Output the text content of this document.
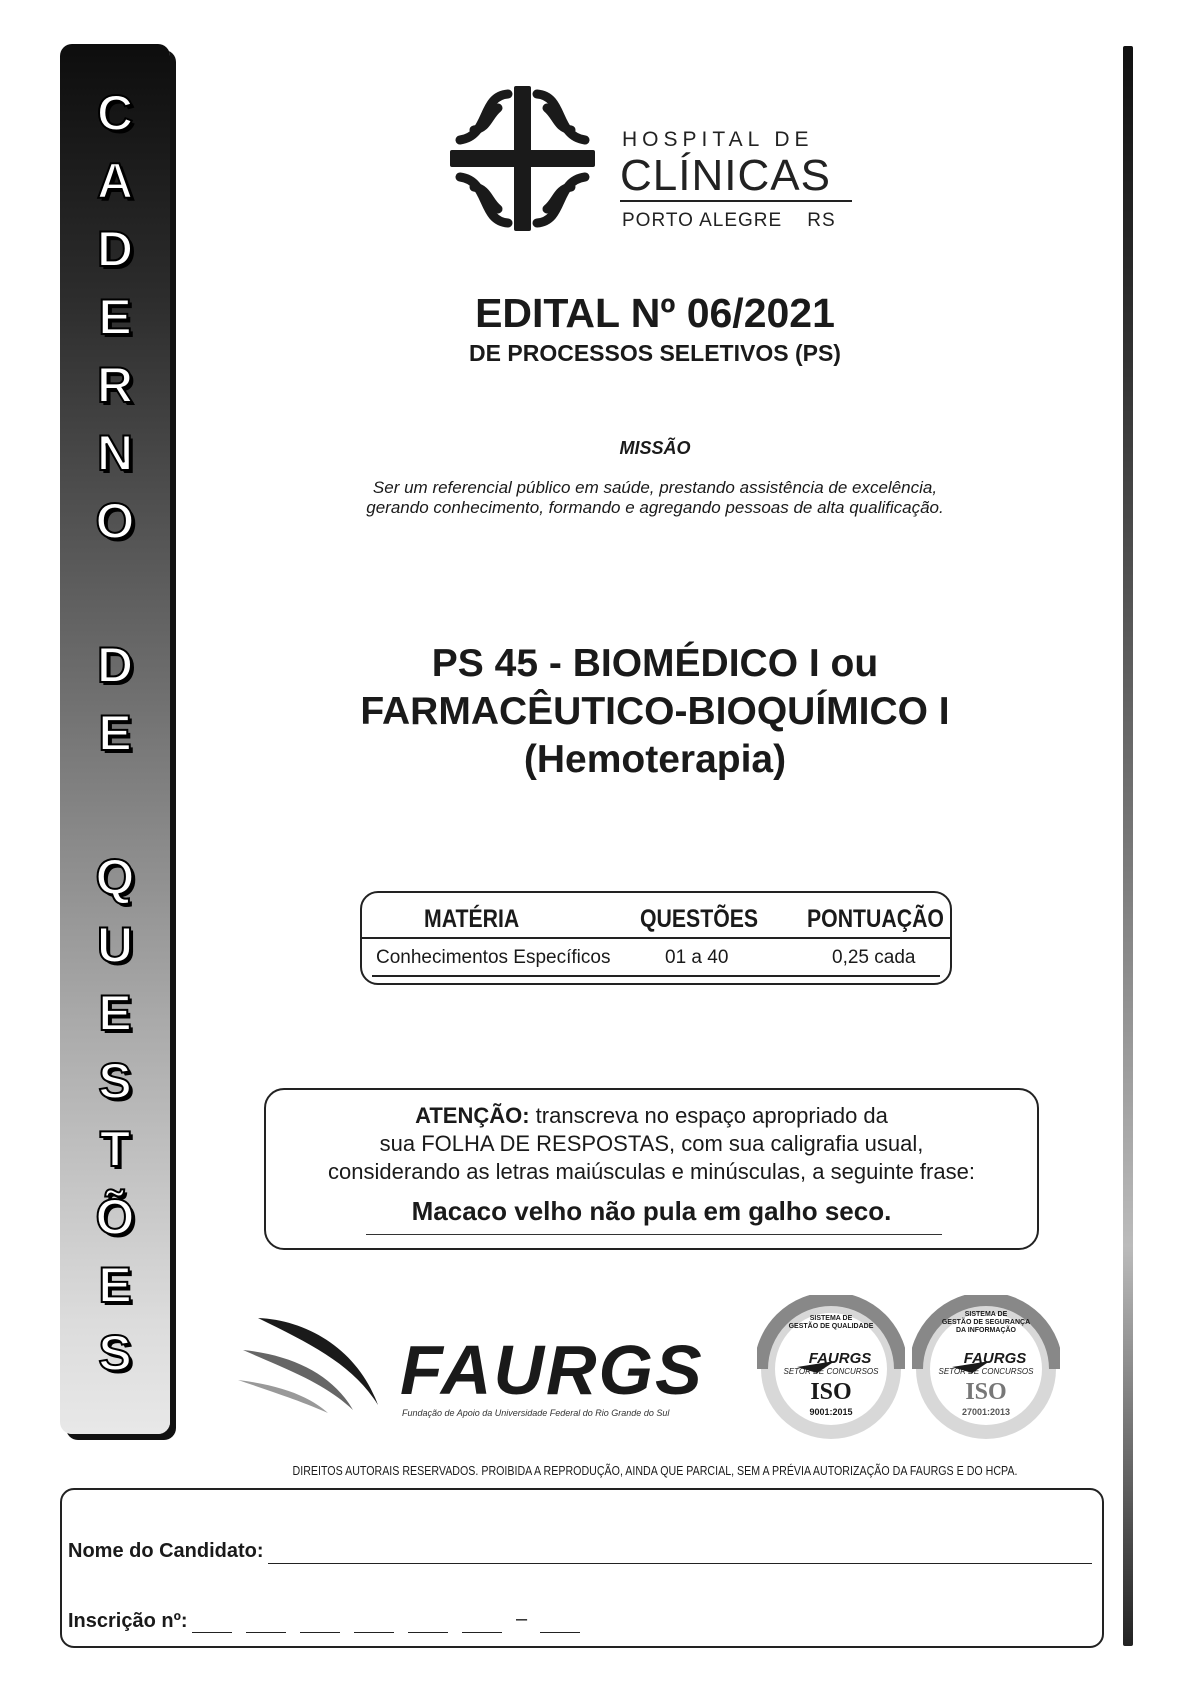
C
A
D
E
R
N
O
D
E
Q
U
E
S
T
Õ
E
S
HOSPITAL DE
CLÍNICAS
PORTO ALEGRE    RS
EDITAL Nº 06/2021
DE PROCESSOS SELETIVOS (PS)
MISSÃO
Ser um referencial público em saúde, prestando assistência de excelência,
gerando conhecimento, formando e agregando pessoas de alta qualificação.
PS 45 - BIOMÉDICO I ou
FARMACÊUTICO-BIOQUÍMICO I
(Hemoterapia)
MATÉRIA	QUESTÕES PONTUAÇÃO
Conhecimentos Específicos	01 a 40	0,25 cada
ATENÇÃO: transcreva no espaço apropriado da
sua FOLHA DE RESPOSTAS, com sua caligrafia usual,
considerando as letras maiúsculas e minúsculas, a seguinte frase:
Macaco velho não pula em galho seco.
FAURGS
Fundação de Apoio da Universidade Federal do Rio Grande do Sul
SISTEMA DE
GESTÃO DE QUALIDADE
FAURGS
SETOR DE CONCURSOS
ISO
9001:2015
SISTEMA DE
GESTÃO DE SEGURANÇA
DA INFORMAÇÃO
FAURGS
SETOR DE CONCURSOS
ISO
27001:2013
DIREITOS AUTORAIS RESERVADOS. PROIBIDA A REPRODUÇÃO, AINDA QUE PARCIAL, SEM A PRÉVIA AUTORIZAÇÃO DA FAURGS E DO HCPA.
Nome do Candidato:
Inscrição nº:	–
